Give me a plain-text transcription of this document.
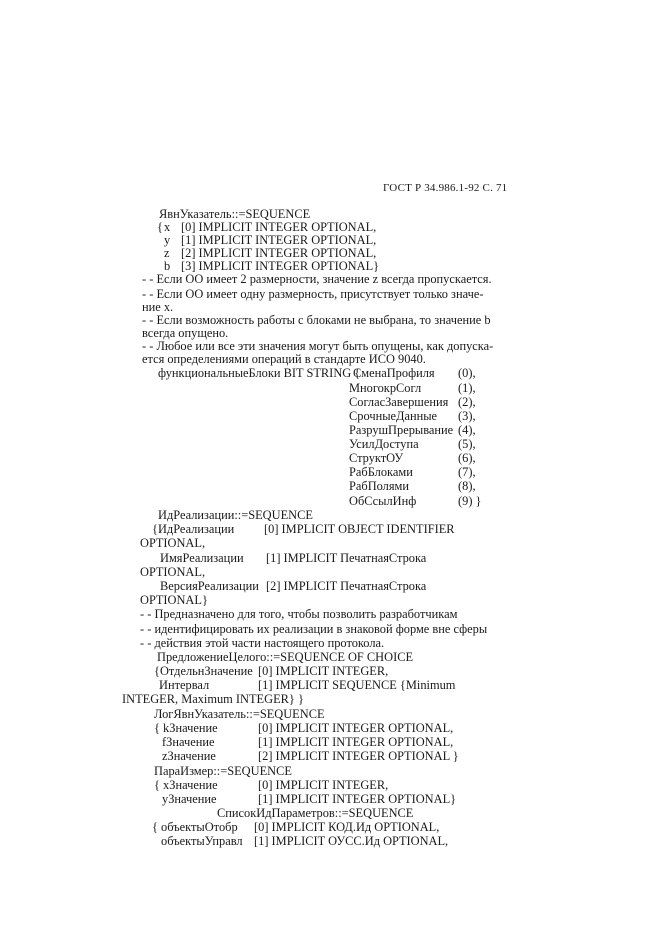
ГОСТ Р 34.986.1-92 С. 71
ЯвнУказатель::=SEQUENCE
{ x [0] IMPLICIT INTEGER OPTIONAL,
y [1] IMPLICIT INTEGER OPTIONAL,
z [2] IMPLICIT INTEGER OPTIONAL,
b [3] IMPLICIT INTEGER OPTIONAL}
- - Если ОО имеет 2 размерности, значение z всегда пропускается.
- - Если ОО имеет одну размерность, присутствует только значе-
ние x.
- - Если возможность работы с блоками не выбрана, то значение b
всегда опущено.
- - Любое или все эти значения могут быть опущены, как допуска-
ется определениями операций в стандарте ИСО 9040.
функциональныеБлоки BIT STRING {
СменаПрофиля (0),
МногокрСогл	(1),
СогласЗавершения (2),
СрочныеДанные (3),
РазрушПрерывание (4),
УсилДоступа	(5),
СтруктОУ	(6),
РабБлоками	(7),
РабПолями	(8),
ОбСсылИнф	(9) }
ИдРеализации::=SEQUENCE
{ИдРеализации [0] IMPLICIT OBJECT IDENTIFIER
OPTIONAL,
ИмяРеализации [1] IMPLICIT ПечатнаяСтрока
OPTIONAL,
ВерсияРеализации [2] IMPLICIT ПечатнаяСтрока
OPTIONAL}
- - Предназначено для того, чтобы позволить разработчикам
- - идентифицировать их реализации в знаковой форме вне сферы
- - действия этой части настоящего протокола.
ПредложениеЦелого::=SEQUENCE OF CHOICE
{ОтдельнЗначение [0] IMPLICIT INTEGER,
Интервал	[1] IMPLICIT SEQUENCE {Minimum
INTEGER, Maximum INTEGER} }
ЛогЯвнУказатель::=SEQUENCE
{ kЗначение	[0] IMPLICIT INTEGER OPTIONAL,
fЗначение	[1] IMPLICIT INTEGER OPTIONAL,
zЗначение	[2] IMPLICIT INTEGER OPTIONAL }
ПараИзмер::=SEQUENCE
{ xЗначение	[0] IMPLICIT INTEGER,
yЗначение	[1] IMPLICIT INTEGER OPTIONAL}
СписокИдПараметров::=SEQUENCE
{ объектыОтобр [0] IMPLICIT КОД.Ид OPTIONAL,
объектыУправл [1] IMPLICIT ОУСС.Ид OPTIONAL,
